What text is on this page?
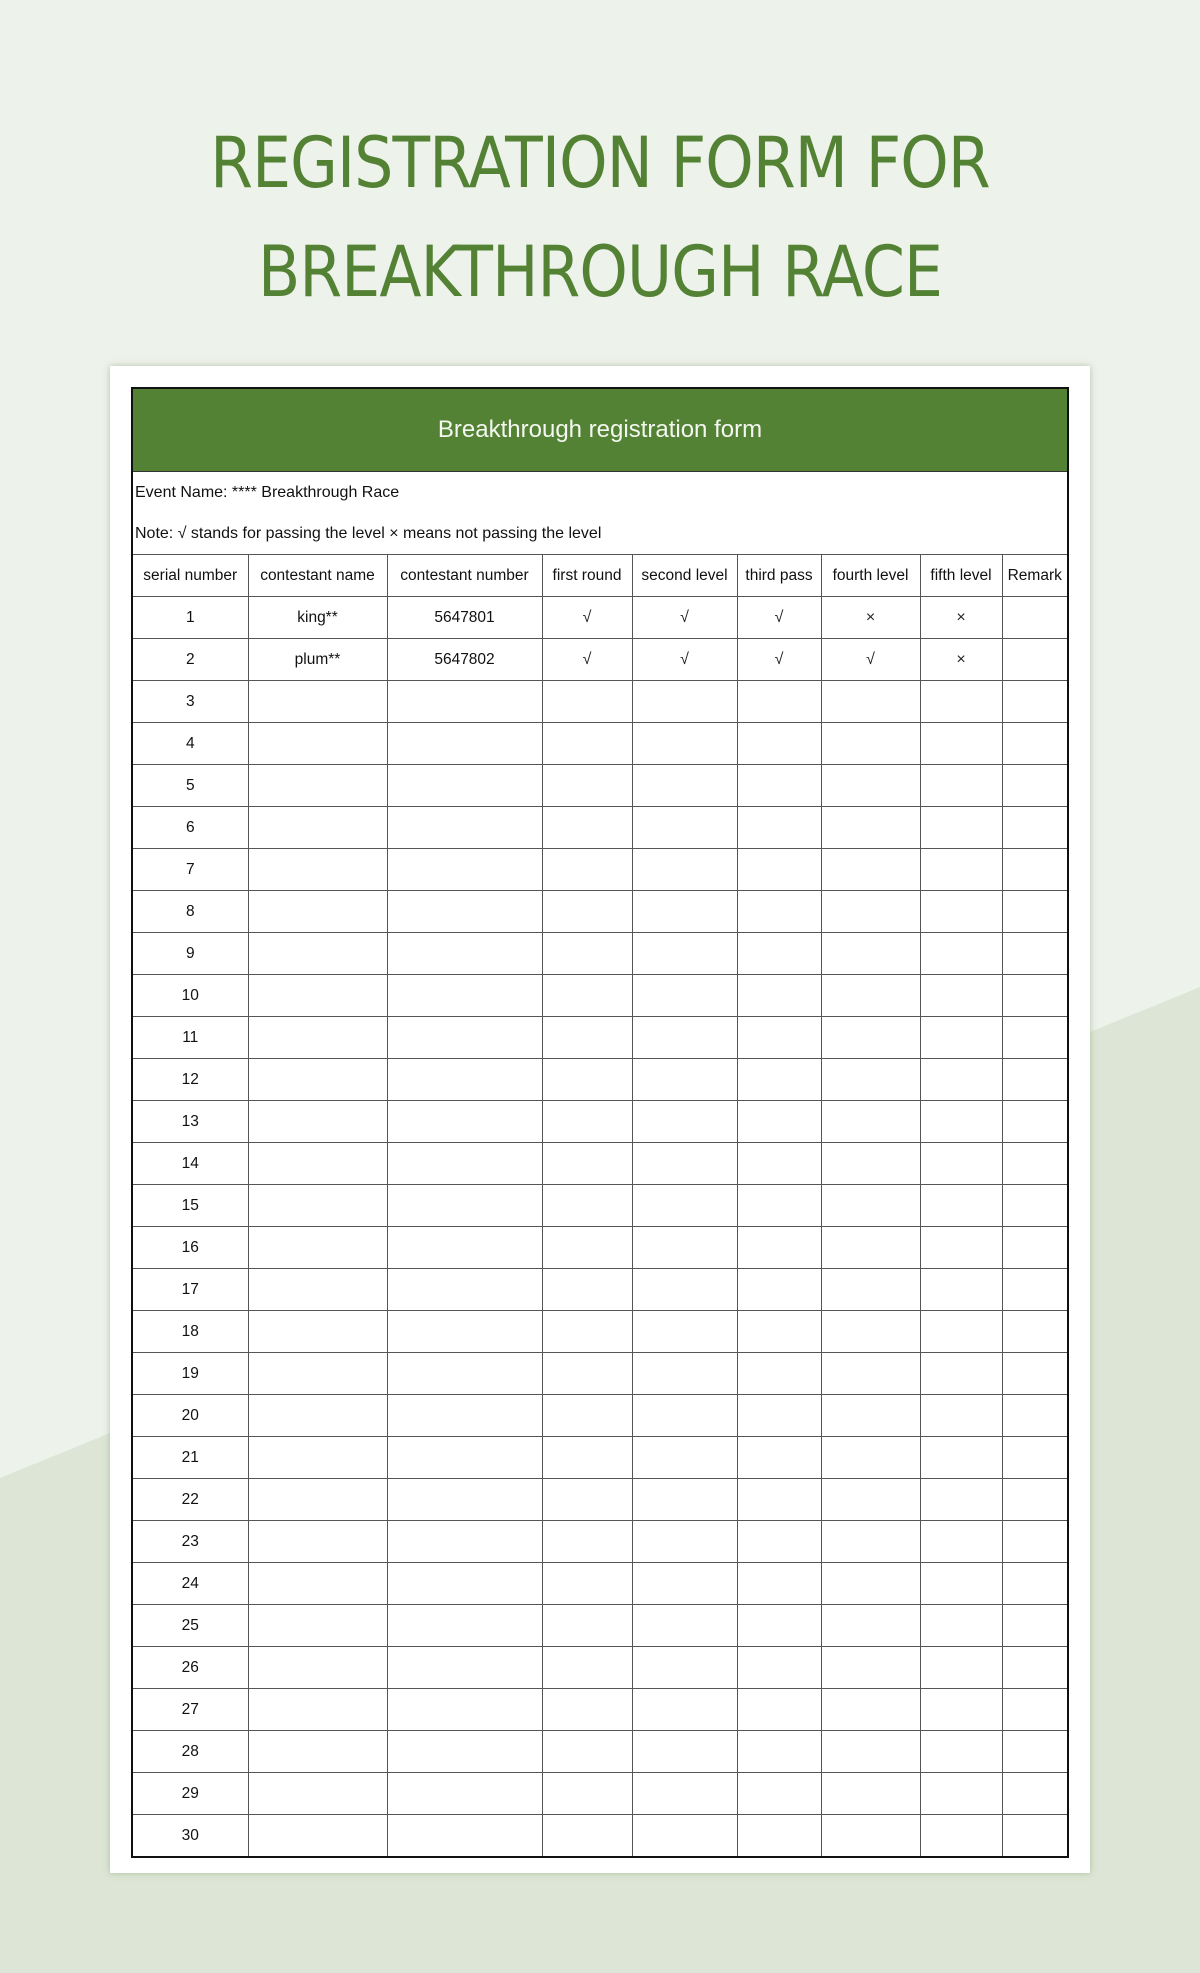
REGISTRATION FORM FOR
BREAKTHROUGH RACE
Breakthrough registration form
Event Name: **** Breakthrough Race
Note: √ stands for passing the level × means not passing the level
serial number	contestant name	contestant number	first round	second level	third pass	fourth level	fifth level	Remark
1	king**	5647801	√	√	√	×	×	
2	plum**	5647802	√	√	√	√	×	
3								
4								
5								
6								
7								
8								
9								
10								
11								
12								
13								
14								
15								
16								
17								
18								
19								
20								
21								
22								
23								
24								
25								
26								
27								
28								
29								
30								
